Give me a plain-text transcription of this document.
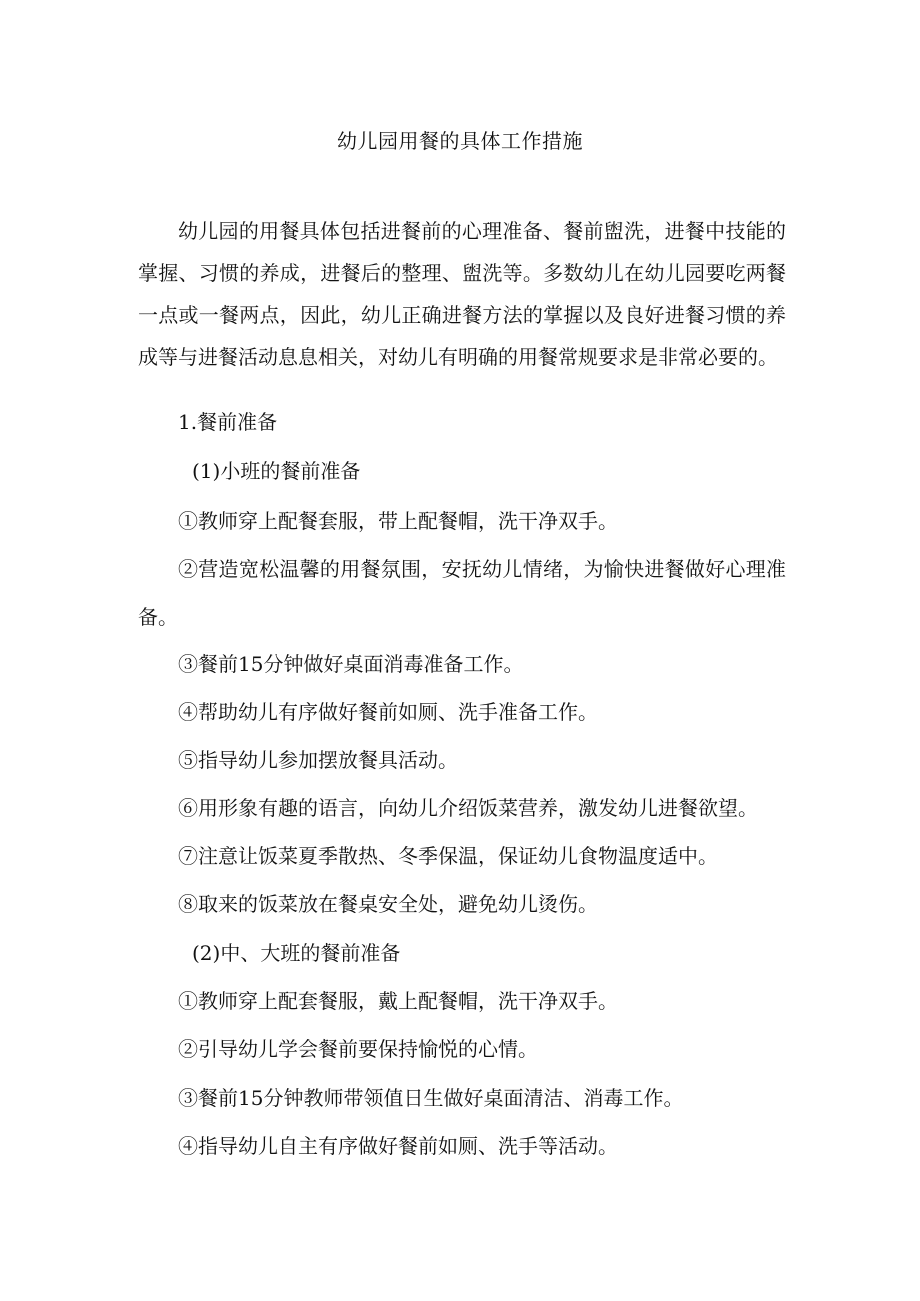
幼儿园用餐的具体工作措施

幼儿园的用餐具体包括进餐前的心理准备、餐前盥洗，进餐中技能的掌握、习惯的养成，进餐后的整理、盥洗等。多数幼儿在幼儿园要吃两餐一点或一餐两点，因此，幼儿正确进餐方法的掌握以及良好进餐习惯的养成等与进餐活动息息相关，对幼儿有明确的用餐常规要求是非常必要的。

1.餐前准备

(1)小班的餐前准备

①教师穿上配餐套服，带上配餐帽，洗干净双手。

②营造宽松温馨的用餐氛围，安抚幼儿情绪，为愉快进餐做好心理准备。

③餐前15分钟做好桌面消毒准备工作。

④帮助幼儿有序做好餐前如厕、洗手准备工作。

⑤指导幼儿参加摆放餐具活动。

⑥用形象有趣的语言，向幼儿介绍饭菜营养，激发幼儿进餐欲望。

⑦注意让饭菜夏季散热、冬季保温，保证幼儿食物温度适中。

⑧取来的饭菜放在餐桌安全处，避免幼儿烫伤。

(2)中、大班的餐前准备

①教师穿上配套餐服，戴上配餐帽，洗干净双手。

②引导幼儿学会餐前要保持愉悦的心情。

③餐前15分钟教师带领值日生做好桌面清洁、消毒工作。

④指导幼儿自主有序做好餐前如厕、洗手等活动。
